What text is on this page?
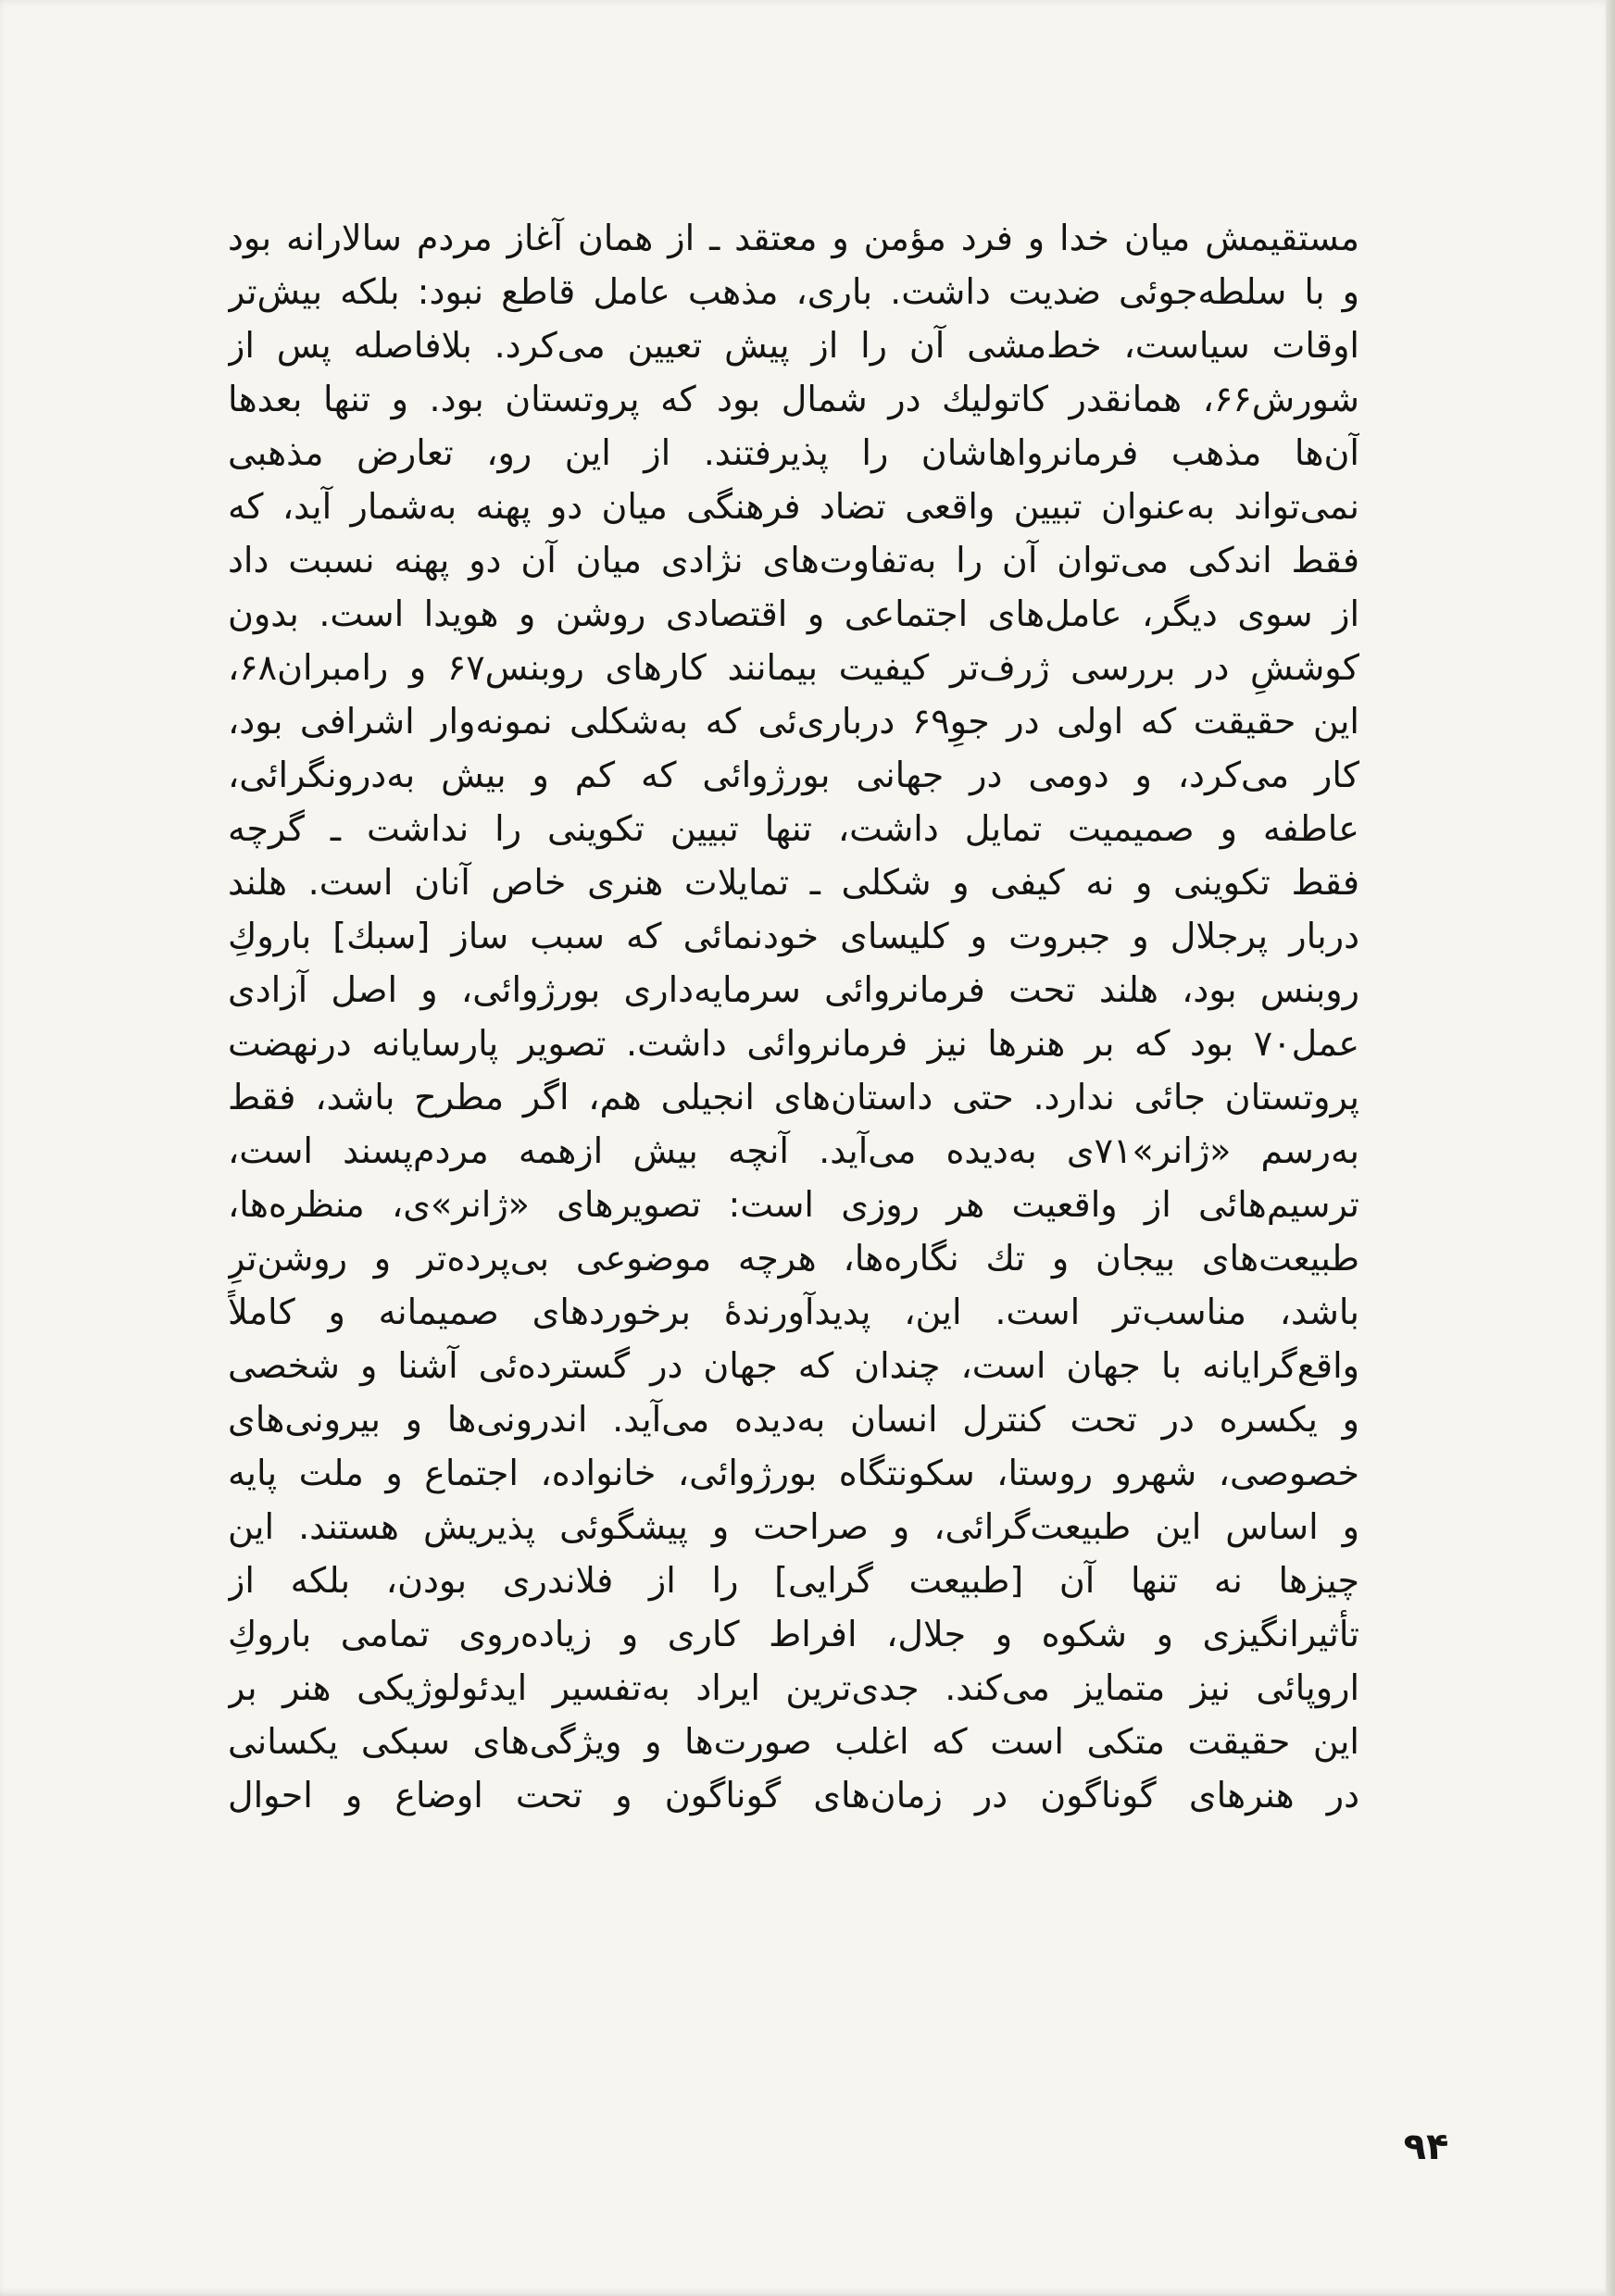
مستقیمش میان خدا و فرد مؤمن و معتقد ـ از همان آغاز مردم سالارانه بود
و با سلطه‌جوئی ضدیت داشت. باری، مذهب عامل قاطع نبود: بلکه بیش‌تر
اوقات سیاست، خط‌مشی آن را از پیش تعیین می‌کرد. بلافاصله پس از
شورش۶۶، همانقدر کاتولیك در شمال بود که پروتستان بود. و تنها بعدها
آن‌ها مذهب فرمانرواهاشان را پذیرفتند. از این رو، تعارض مذهبی
نمی‌تواند به‌عنوان تبیین واقعی تضاد فرهنگی میان دو پهنه به‌شمار آید، که
فقط اندکی می‌توان آن را به‌تفاوت‌های نژادی میان آن دو پهنه نسبت داد
از سوی دیگر، عامل‌های اجتماعی و اقتصادی روشن و هویدا است. بدون
کوششِ در بررسی ژرف‌تر کیفیت بیمانند کارهای روبنس۶۷ و رامبران۶۸،
این حقیقت که اولی در جوِ۶۹ درباری‌ئی که به‌شکلی نمونه‌وار اشرافی بود،
کار می‌کرد، و دومی در جهانی بورژوائی که کم و بیش به‌درونگرائی،
عاطفه و صمیمیت تمایل داشت، تنها تبیین تکوینی را نداشت ـ گرچه
فقط تکوینی و نه کیفی و شکلی ـ تمایلات هنری خاص آنان است. هلند
دربار پرجلال و جبروت و کلیسای خودنمائی که سبب ساز [سبك] باروكِ
روبنس بود، هلند تحت فرمانروائی سرمایه‌داری بورژوائی، و اصل آزادی
عمل۷۰ بود که بر هنرها نیز فرمانروائی داشت. تصویر پارسایانه درنهضت
پروتستان جائی ندارد. حتی داستان‌های انجیلی هم، اگر مطرح باشد، فقط
به‌رسم «ژانر»۷۱ی به‌دیده می‌آید. آنچه بیش ازهمه مردم‌پسند است،
ترسیم‌هائی از واقعیت هر روزی است: تصویرهای «ژانر»ی، منظره‌ها،
طبیعت‌های بیجان و تك نگاره‌ها، هرچه موضوعی بی‌پرده‌تر و روشن‌ترِ
باشد، مناسب‌تر است. این، پدیدآورندهٔ برخوردهای صمیمانه و کاملاً
واقع‌گرایانه با جهان است، چندان که جهان در گسترده‌ئی آشنا و شخصی
و یکسره در تحت کنترل انسان به‌دیده می‌آید. اندرونی‌ها و بیرونی‌های
خصوصی، شهرو روستا، سکونتگاه بورژوائی، خانواده، اجتماع و ملت پایه
و اساس این طبیعت‌گرائی، و صراحت و پیشگوئی پذیریش هستند. این
چیزها نه تنها آن [طبیعت گرایی] را از فلاندری بودن، بلکه از
تأثیرانگیزی و شکوه و جلال، افراط کاری و زیاده‌روی تمامی باروكِ
اروپائی نیز متمایز می‌کند. جدی‌ترین ایراد به‌تفسیر ایدئولوژیکی هنر بر
این حقیقت متکی است که اغلب صورت‌ها و ویژگی‌های سبکی یکسانی
در هنرهای گوناگون در زمان‌های گوناگون و تحت اوضاع و احوال
۹۴
